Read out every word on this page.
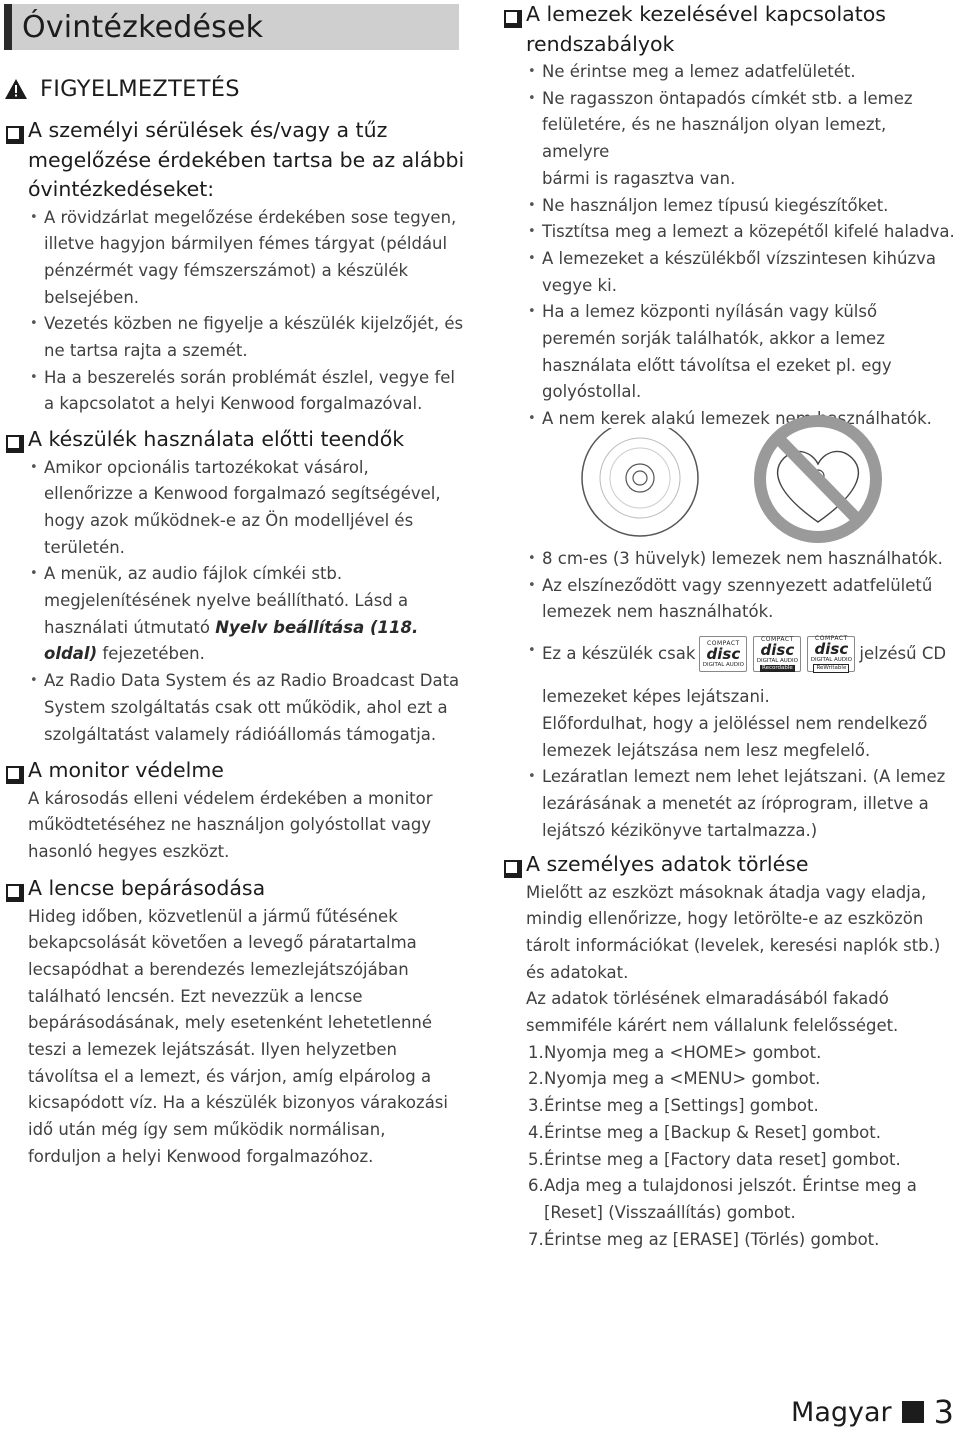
Óvintézkedések
FIGYELMEZTETÉS
A személyi sérülések és/vagy a tűz
megelőzése érdekében tartsa be az alábbi
óvintézkedéseket:
• A rövidzárlat megelőzése érdekében sose tegyen,
illetve hagyjon bármilyen fémes tárgyat (például
pénzérmét vagy fémszerszámot) a készülék
belsejében.
• Vezetés közben ne figyelje a készülék kijelzőjét, és
ne tartsa rajta a szemét.
• Ha a beszerelés során problémát észlel, vegye fel
a kapcsolatot a helyi Kenwood forgalmazóval.
A készülék használata előtti teendők
• Amikor opcionális tartozékokat vásárol,
ellenőrizze a Kenwood forgalmazó segítségével,
hogy azok működnek-e az Ön modelljével és
területén.
• A menük, az audio fájlok címkéi stb.
megjelenítésének nyelve beállítható. Lásd a
használati útmutató Nyelv beállítása (118.
oldal) fejezetében.
• Az Radio Data System és az Radio Broadcast Data
System szolgáltatás csak ott működik, ahol ezt a
szolgáltatást valamely rádióállomás támogatja.
A monitor védelme
A károsodás elleni védelem érdekében a monitor
működtetéséhez ne használjon golyóstollat vagy
hasonló hegyes eszközt.
A lencse bepárásodása
Hideg időben, közvetlenül a jármű fűtésének
bekapcsolását követően a levegő páratartalma
lecsapódhat a berendezés lemezlejátszójában
található lencsén. Ezt nevezzük a lencse
bepárásodásának, mely esetenként lehetetlenné
teszi a lemezek lejátszását. Ilyen helyzetben
távolítsa el a lemezt, és várjon, amíg elpárolog a
kicsapódott víz. Ha a készülék bizonyos várakozási
idő után még így sem működik normálisan,
forduljon a helyi Kenwood forgalmazóhoz.
A lemezek kezelésével kapcsolatos
rendszabályok
• Ne érintse meg a lemez adatfelületét.
• Ne ragasszon öntapadós címkét stb. a lemez
felületére, és ne használjon olyan lemezt, amelyre
bármi is ragasztva van.
• Ne használjon lemez típusú kiegészítőket.
• Tisztítsa meg a lemezt a közepétől kifelé haladva.
• A lemezeket a készülékből vízszintesen kihúzva
vegye ki.
• Ha a lemez központi nyílásán vagy külső
peremén sorják találhatók, akkor a lemez
használata előtt távolítsa el ezeket pl. egy
golyóstollal.
• A nem kerek alakú lemezek nem használhatók.
• 8 cm-es (3 hüvelyk) lemezek nem használhatók.
• Az elszíneződött vagy szennyezett adatfelületű
lemezek nem használhatók.
• Ez a készülék csak
COMPACT
disc
DIGITAL AUDIO
COMPACT
disc
DIGITAL AUDIO
Recordable
COMPACT
disc
DIGITAL AUDIO
ReWritable
jelzésű CD
lemezeket képes lejátszani.
Előfordulhat, hogy a jelöléssel nem rendelkező
lemezek lejátszása nem lesz megfelelő.
• Lezáratlan lemezt nem lehet lejátszani. (A lemez
lezárásának a menetét az íróprogram, illetve a
lejátszó kézikönyve tartalmazza.)
A személyes adatok törlése
Mielőtt az eszközt másoknak átadja vagy eladja,
mindig ellenőrizze, hogy letörölte-e az eszközön
tárolt információkat (levelek, keresési naplók stb.)
és adatokat.
Az adatok törlésének elmaradásából fakadó
semmiféle kárért nem vállalunk felelősséget.
1. Nyomja meg a <HOME> gombot.
2. Nyomja meg a <MENU> gombot.
3. Érintse meg a [Settings] gombot.
4. Érintse meg a [Backup & Reset] gombot.
5. Érintse meg a [Factory data reset] gombot.
6. Adja meg a tulajdonosi jelszót. Érintse meg a
[Reset] (Visszaállítás) gombot.
7. Érintse meg az [ERASE] (Törlés) gombot.
Magyar 3
